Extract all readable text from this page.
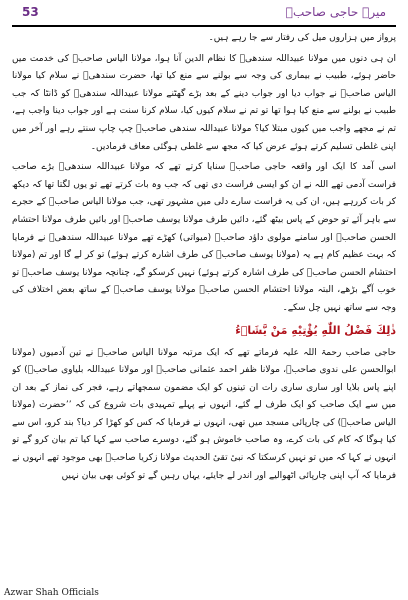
53	میرے حاجی صاحبؒ

پرواز میں ہزاروں میل کی رفتار سے جا رہے ہیں۔

ان ہی دنوں میں مولانا عبیداللہ سندھیؒ کا نظام الدین آنا ہوا، مولانا الیاس صاحبؒ کی خدمت میں حاضر ہوئے، طبیب نے بیماری کی وجہ سے بولنے سے منع کیا تھا، حضرت سندھیؒ نے سلام کیا مولانا الیاس صاحبؒ نے جواب دیا اور جواب دینے کے بعد بڑے گھٹنے مولانا عبیداللہ سندھیؒ کو ڈانٹا کہ جب طبیب نے بولنے سے منع کیا ہوا تھا تو تم نے سلام کیوں کیا، سلام کرنا سنت ہے اور جواب دینا واجب ہے، تم نے مجھے واجب میں کیوں مبتلا کیا؟ مولانا عبیداللہ سندھی صاحبؒ چپ چاپ سنتے رہے اور آخر میں اپنی غلطی تسلیم کرتے ہوئے عرض کیا کہ مجھ سے غلطی ہوگئی معاف فرمادیں۔

اسی آمد کا ایک اور واقعہ حاجی صاحبؒ سنایا کرتے تھے کہ مولانا عبیداللہ سندھیؒ بڑے صاحب فراست آدمی تھے اللہ نے ان کو ایسی فراست دی تھی کہ جب وہ بات کرتے تھے تو یوں لگتا تھا کہ دیکھ کر بات کررہے ہیں، ان کی یہ فراست سارے دلی میں مشہور تھی، جب مولانا الیاس صاحبؒ کے حجرے سے باہر آئے تو حوض کے پاس بیٹھ گئے، دائیں طرف مولانا یوسف صاحبؒ اور بائیں طرف مولانا احتشام الحسن صاحبؒ اور سامنے مولوی داؤد صاحبؒ (میواتی) کھڑے تھے مولانا عبیداللہ سندھیؒ نے فرمایا کہ بہت عظیم کام ہے یہ (مولانا یوسف صاحبؒ کی طرف اشارہ کرتے ہوئے) تو کر لے گا اور تم (مولانا احتشام الحسن صاحبؒ کی طرف اشارہ کرتے ہوئے) نہیں کرسکو گے، چنانچہ مولانا یوسف صاحبؒ تو خوب آگے بڑھے، البتہ مولانا احتشام الحسن صاحبؒ مولانا یوسف صاحبؒ کے ساتھ بعض اختلاف کی وجہ سے ساتھ نہیں چل سکے۔

ذٰلِكَ فَضْلُ اللّٰهِ يُؤْتِيْهِ مَنْ يَّشَاۗءُ

حاجی صاحب رحمۃ اللہ علیہ فرماتے تھے کہ ایک مرتبہ مولانا الیاس صاحبؒ نے تین آدمیوں (مولانا ابوالحسن علی ندوی صاحبؒ، مولانا ظفر احمد عثمانی صاحبؒ اور مولانا عبیداللہ بلیاوی صاحبؒ) کو اپنے پاس بلایا اور ساری ساری رات ان تینوں کو ایک مضمون سمجھاتے رہے، فجر کی نماز کے بعد ان میں سے ایک صاحب کو ایک طرف لے گئے، انہوں نے پہلے تمہیدی بات شروع کی کہ ’’حضرت (مولانا الیاس صاحبؒ) کی چارپائی مسجد میں تھی، انہوں نے فرمایا کہ کس کو کھڑا کر دیا؟ بند کرو، اس سے کیا ہوگا کہ کام کی بات کرے، وہ صاحب خاموش ہو گئے، دوسرے صاحب سے کہا کیا تم بیان کرو گے تو انہوں نے کہا کہ میں تو نہیں کرسکتا کہ نبیٔ تقیٔ الحدیث مولانا زکریا صاحبؒ بھی موجود تھے انہوں نے فرمایا کہ آپ اپنی چارپائی اٹھوالیے اور اندر لے جایئے، یہاں رہیں گے تو کوئی بھی بیان نہیں

Azwar Shah Officials
